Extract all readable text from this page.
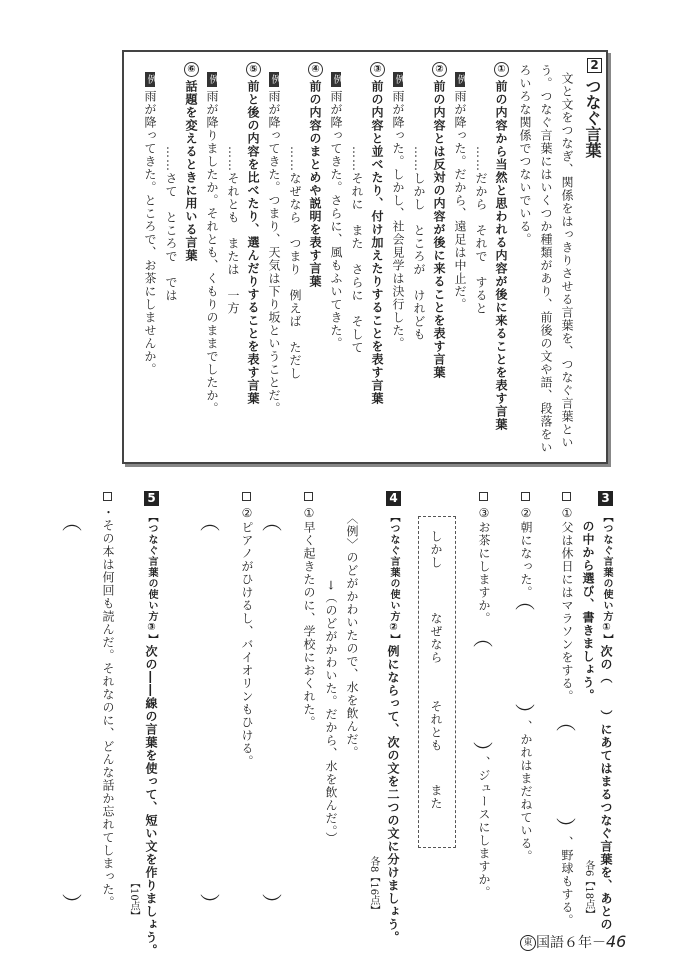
2
つなぐ言葉
文と文をつなぎ、関係をはっきりさせる言葉を、つなぐ言葉とい
う。つなぐ言葉にはいくつか種類があり、前後の文や語、段落をい
ろいろな関係でつないでいる。
①前の内容から当然と思われる内容が後に来ることを表す言葉
……だから　それで　すると
例雨が降った。だから、遠足は中止だ。
②前の内容とは反対の内容が後に来ることを表す言葉
……しかし　ところが　けれども
例雨が降った。しかし、社会見学は決行した。
③前の内容と並べたり、付け加えたりすることを表す言葉
……それに　また　さらに　そして
例雨が降ってきた。さらに、風もふいてきた。
④前の内容のまとめや説明を表す言葉
……なぜなら　つまり　例えば　ただし
例雨が降ってきた。つまり、天気は下り坂ということだ。
⑤前と後の内容を比べたり、選んだりすることを表す言葉
……それとも　または　一方
例雨が降りましたか。それとも、くもりのままでしたか。
⑥話題を変えるときに用いる言葉
……さて　ところで　では
例雨が降ってきた。ところで、お茶にしませんか。
3
【つなぐ言葉の使い方①】次の（　　）にあてはまるつなぐ言葉を、あとの
の中から選び、書きましょう。
各6【18点】
①父は休日にはマラソンをする。
︵
︶
、野球もする。
②朝になった。
︵
︶
、かれはまだねている。
③お茶にしますか。
︵
︶
、ジュースにしますか。
しかし
なぜなら
それとも
また
4
【つなぐ言葉の使い方②】例にならって、次の文を二つの文に分けましょう。
各8【16点】
〈例〉のどがかわいたので、水を飲んだ。
→（のどがかわいた。だから、水を飲んだ。）
①早く起きたのに、学校におくれた。
︵
︶
②ピアノがひけるし、バイオリンもひける。
︵
︶
5
【つなぐ言葉の使い方③】次の――線の言葉を使って、短い文を作りましょう。
【10点】
・その本は何回も読んだ。それなのに、どんな話か忘れてしまった。
︵
︶
東 国語６年－46
